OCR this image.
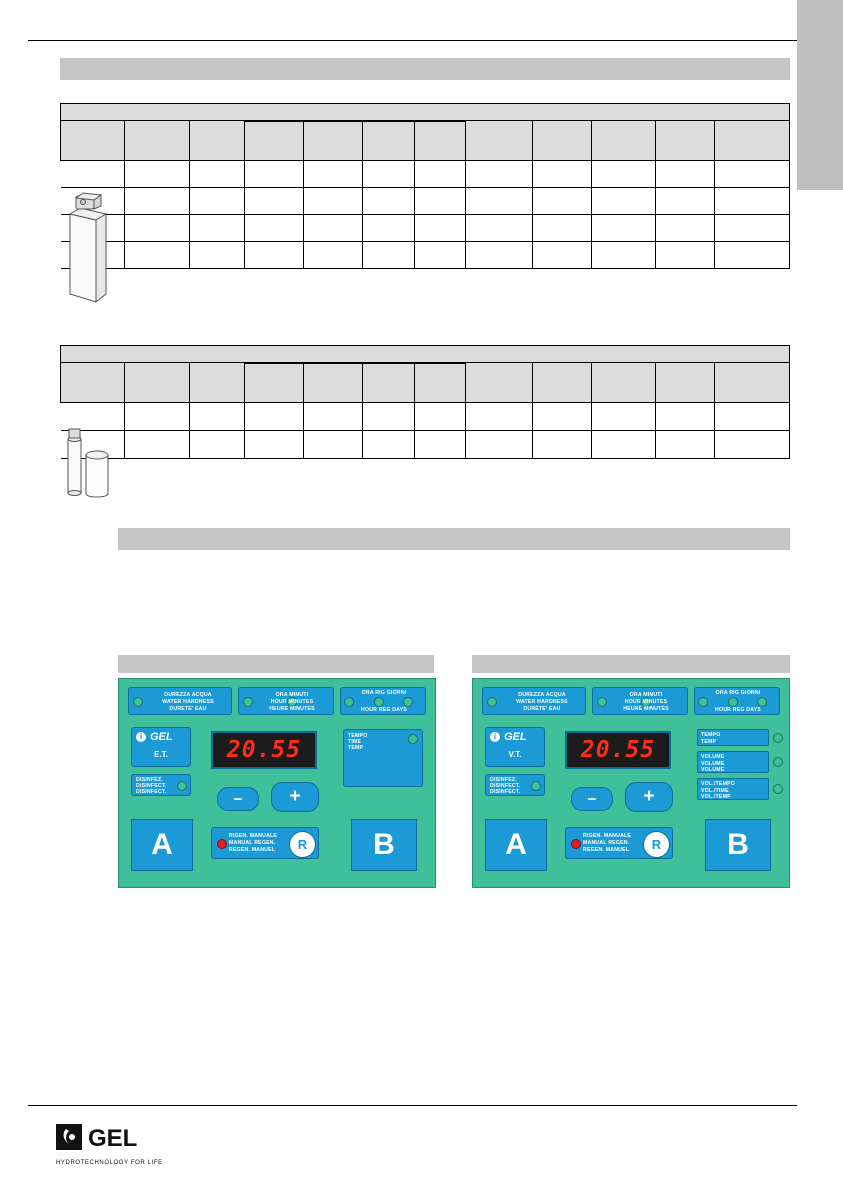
DUREZZA ACQUA
WATER HARDNESS
DURETE' EAU
ORA MINUTI
HOUR MINUTES
HEURE MINUTES
ORA RIG GIORNI
HOUR REG DAYS
i GEL
E.T.
DISINFEZ.
DISINFECT.
DISINFECT.
20.55
− +
TEMPO
TIME
TEMP
A	B
RIGEN. MANUALE
MANUAL REGEN.
REGEN. MANUEL R
DUREZZA ACQUA
WATER HARDNESS
DURETE' EAU
ORA MINUTI
HOUR MINUTES
HEURE MINUTES
ORA RIG GIORNI
HOUR REG DAYS
i GEL
V.T.
DISINFEZ.
DISINFECT.
DISINFECT.
20.55
− +
TEMPO
TEMP
VOLUME
VOLUME
VOLUME
VOL./TEMPO
VOL./TIME
VOL./TEMP
A	B
RIGEN. MANUALE
MANUAL REGEN.
REGEN. MANUEL R
GEL
HYDROTECHNOLOGY FOR LIFE
